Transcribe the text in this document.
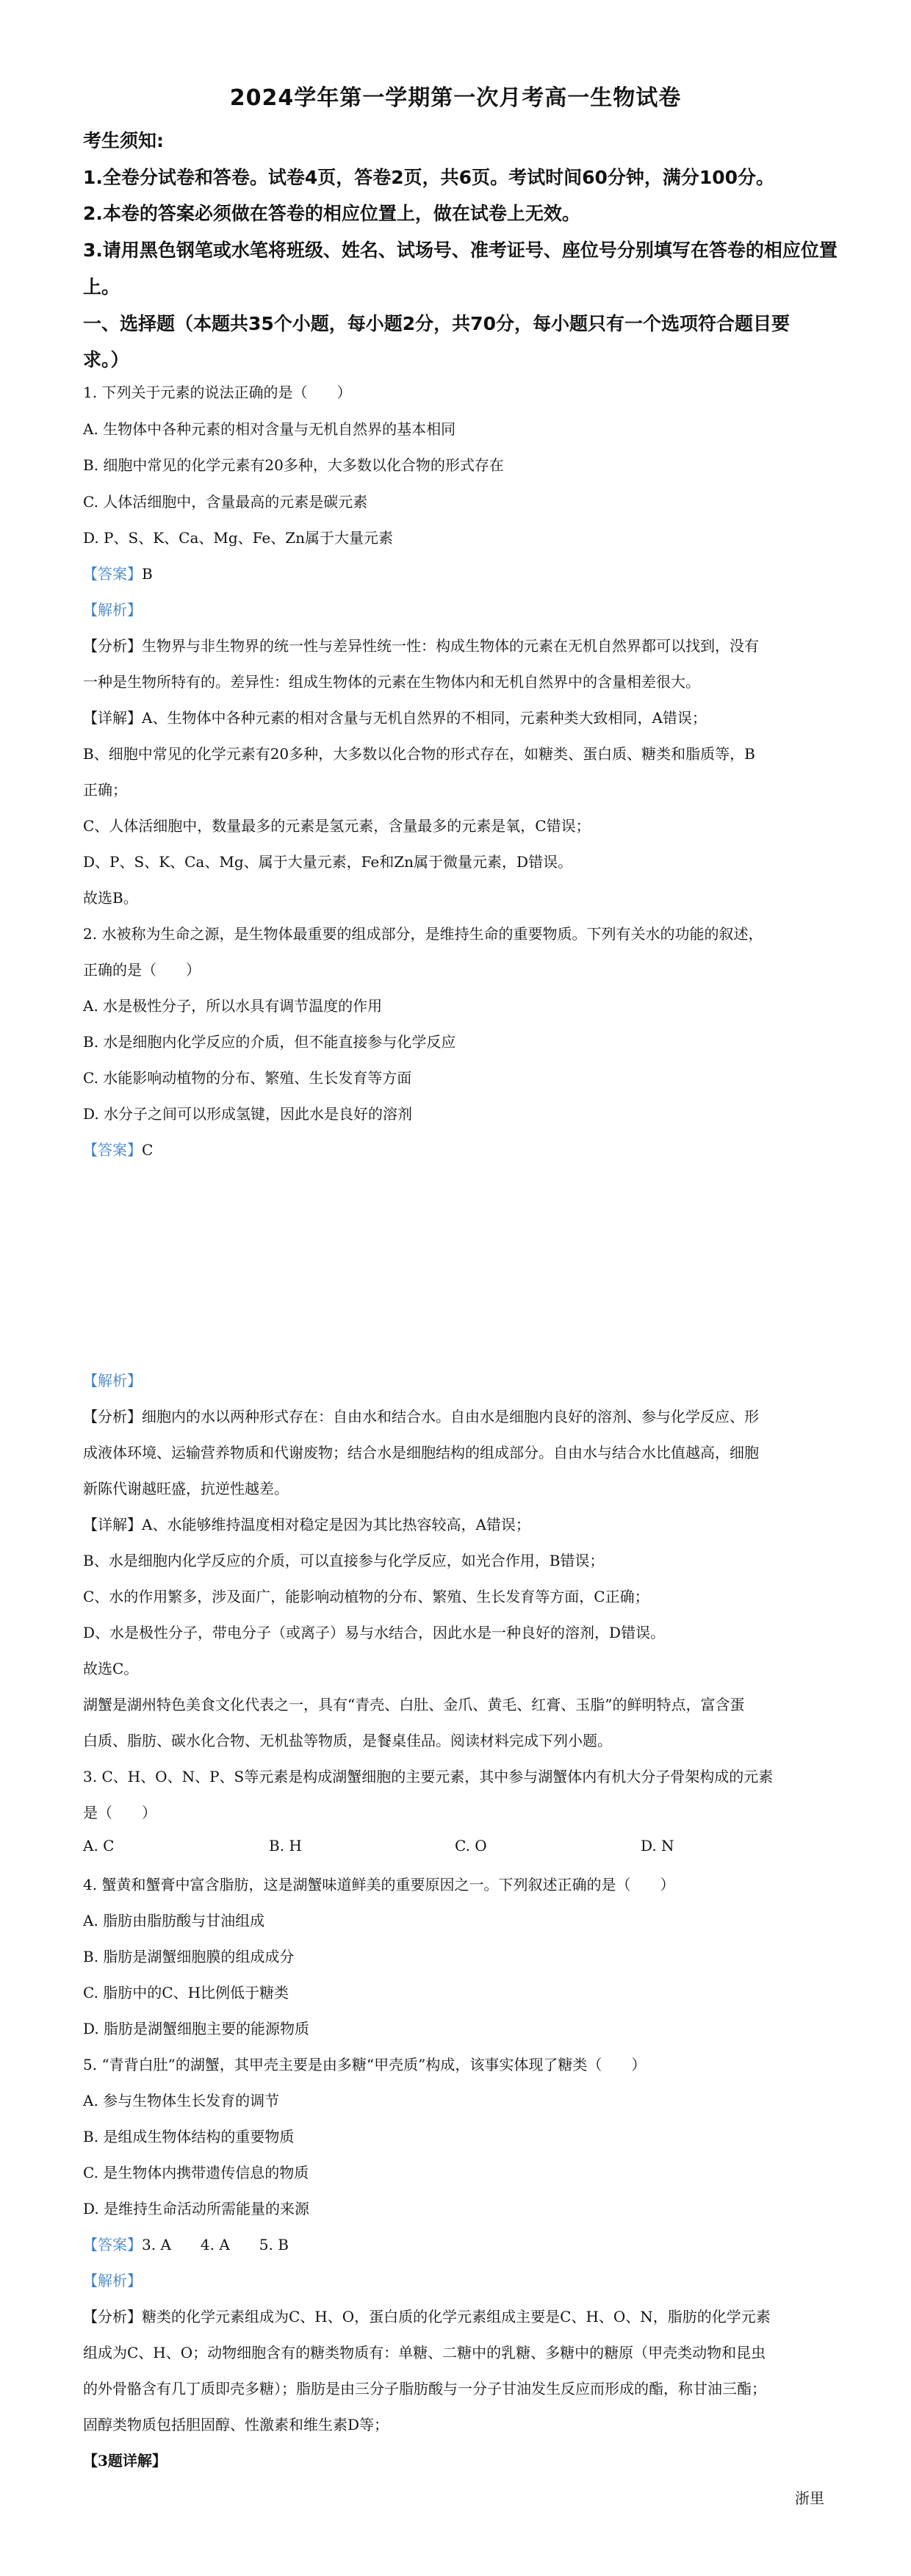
2024学年第一学期第一次月考高一生物试卷
考生须知:
1.全卷分试卷和答卷。试卷4页，答卷2页，共6页。考试时间60分钟，满分100分。
2.本卷的答案必须做在答卷的相应位置上，做在试卷上无效。
3.请用黑色钢笔或水笔将班级、姓名、试场号、准考证号、座位号分别填写在答卷的相应位置
上。
一、选择题（本题共35个小题，每小题2分，共70分，每小题只有一个选项符合题目要
求。）
1. 下列关于元素的说法正确的是（　　）
A. 生物体中各种元素的相对含量与无机自然界的基本相同
B. 细胞中常见的化学元素有20多种，大多数以化合物的形式存在
C. 人体活细胞中，含量最高的元素是碳元素
D. P、S、K、Ca、Mg、Fe、Zn属于大量元素
【答案】B
【解析】
【分析】生物界与非生物界的统一性与差异性统一性：构成生物体的元素在无机自然界都可以找到，没有
一种是生物所特有的。差异性：组成生物体的元素在生物体内和无机自然界中的含量相差很大。
【详解】A、生物体中各种元素的相对含量与无机自然界的不相同，元素种类大致相同，A错误；
B、细胞中常见的化学元素有20多种，大多数以化合物的形式存在，如糖类、蛋白质、糖类和脂质等，B
正确；
C、人体活细胞中，数量最多的元素是氢元素，含量最多的元素是氧，C错误；
D、P、S、K、Ca、Mg、属于大量元素，Fe和Zn属于微量元素，D错误。
故选B。
2. 水被称为生命之源，是生物体最重要的组成部分，是维持生命的重要物质。下列有关水的功能的叙述，
正确的是（　　）
A. 水是极性分子，所以水具有调节温度的作用
B. 水是细胞内化学反应的介质，但不能直接参与化学反应
C. 水能影响动植物的分布、繁殖、生长发育等方面
D. 水分子之间可以形成氢键，因此水是良好的溶剂
【答案】C
【解析】
【分析】细胞内的水以两种形式存在：自由水和结合水。自由水是细胞内良好的溶剂、参与化学反应、形
成液体环境、运输营养物质和代谢废物；结合水是细胞结构的组成部分。自由水与结合水比值越高，细胞
新陈代谢越旺盛，抗逆性越差。
【详解】A、水能够维持温度相对稳定是因为其比热容较高，A错误；
B、水是细胞内化学反应的介质，可以直接参与化学反应，如光合作用，B错误；
C、水的作用繁多，涉及面广，能影响动植物的分布、繁殖、生长发育等方面，C正确；
D、水是极性分子，带电分子（或离子）易与水结合，因此水是一种良好的溶剂，D错误。
故选C。
湖蟹是湖州特色美食文化代表之一，具有“青壳、白肚、金爪、黄毛、红膏、玉脂”的鲜明特点，富含蛋
白质、脂肪、碳水化合物、无机盐等物质，是餐桌佳品。阅读材料完成下列小题。
3. C、H、O、N、P、S等元素是构成湖蟹细胞的主要元素，其中参与湖蟹体内有机大分子骨架构成的元素
是（　　）
A. C	B. H	C. O	D. N
4. 蟹黄和蟹膏中富含脂肪，这是湖蟹味道鲜美的重要原因之一。下列叙述正确的是（　　）
A. 脂肪由脂肪酸与甘油组成
B. 脂肪是湖蟹细胞膜的组成成分
C. 脂肪中的C、H比例低于糖类
D. 脂肪是湖蟹细胞主要的能源物质
5. “青背白肚”的湖蟹，其甲壳主要是由多糖“甲壳质”构成，该事实体现了糖类（　　）
A. 参与生物体生长发育的调节
B. 是组成生物体结构的重要物质
C. 是生物体内携带遗传信息的物质
D. 是维持生命活动所需能量的来源
【答案】3. A　　4. A　　5. B
【解析】
【分析】糖类的化学元素组成为C、H、O，蛋白质的化学元素组成主要是C、H、O、N，脂肪的化学元素
组成为C、H、O；动物细胞含有的糖类物质有：单糖、二糖中的乳糖、多糖中的糖原（甲壳类动物和昆虫
的外骨骼含有几丁质即壳多糖）；脂肪是由三分子脂肪酸与一分子甘油发生反应而形成的酯，称甘油三酯；
固醇类物质包括胆固醇、性激素和维生素D等；
【3题详解】
浙里
